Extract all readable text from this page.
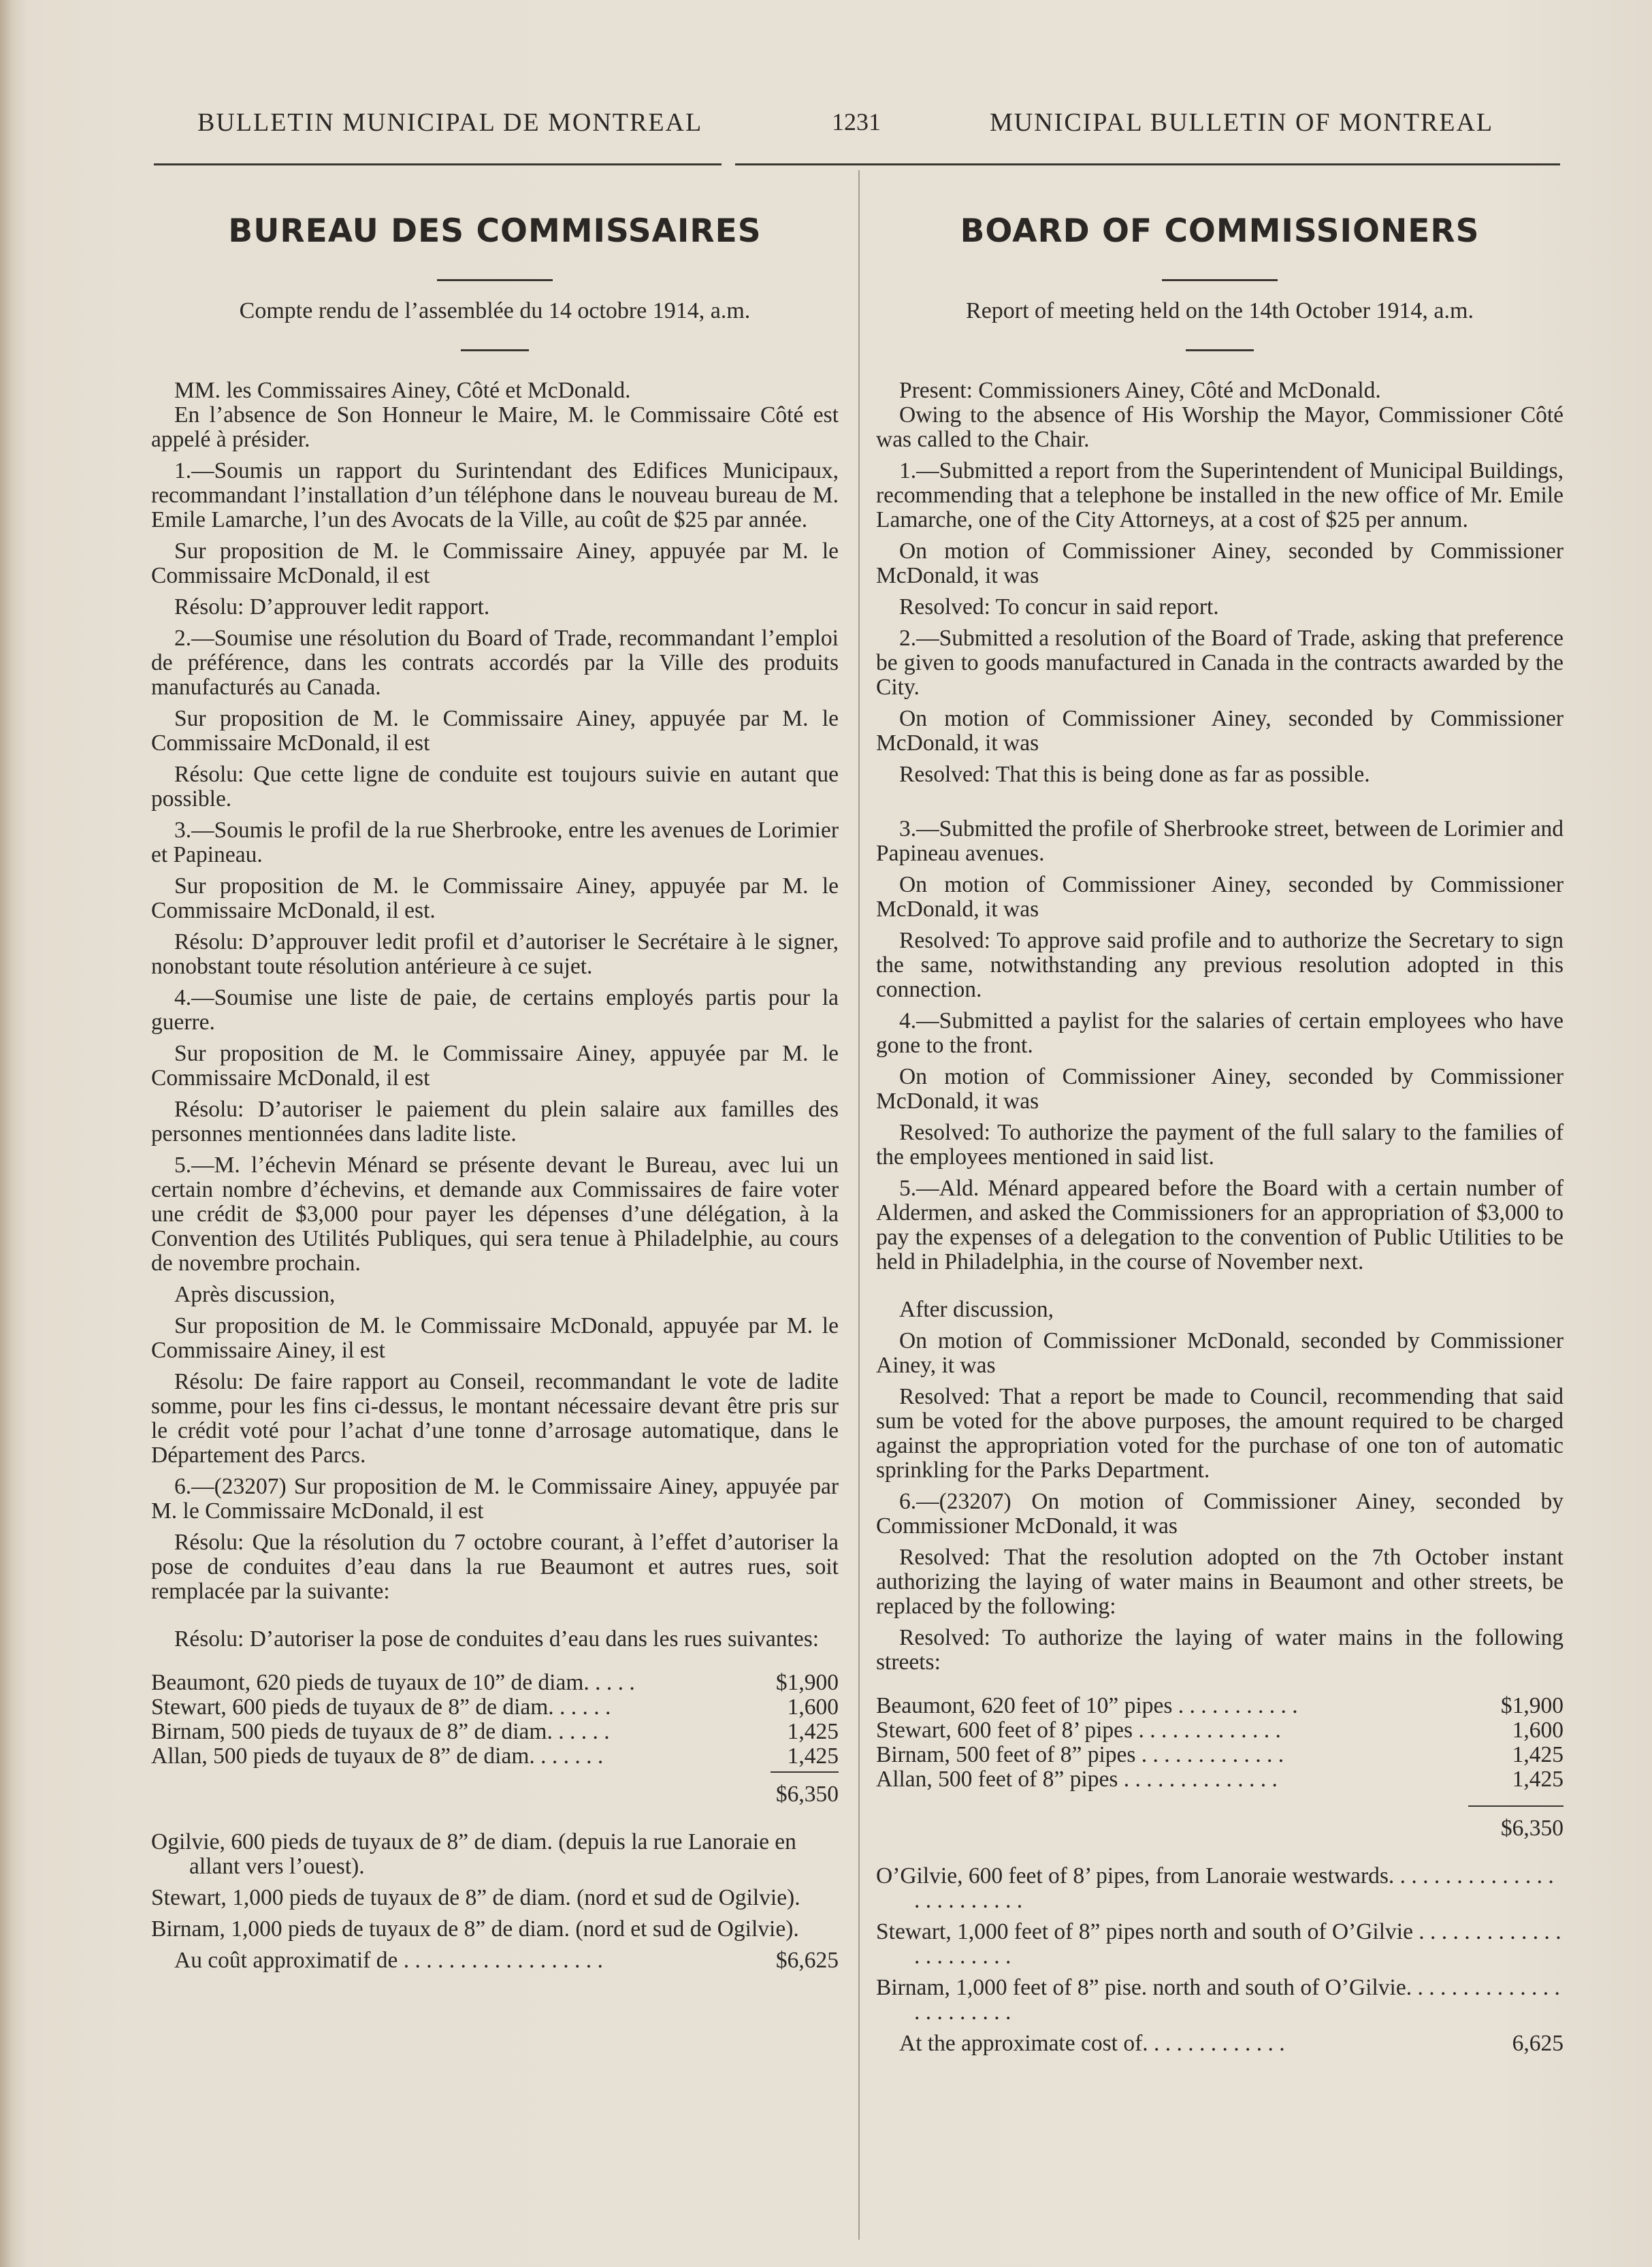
BULLETIN MUNICIPAL DE MONTREAL	1231	MUNICIPAL BULLETIN OF MONTREAL
BUREAU DES COMMISSAIRES
Compte rendu de l’assemblée du 14 octobre 1914, a.m.

MM. les Commissaires Ainey, Côté et McDonald.

En l’absence de Son Honneur le Maire, M. le Commissaire Côté est appelé à présider.

1.—Soumis un rapport du Surintendant des Edifices Municipaux, recommandant l’installation d’un téléphone dans le nouveau bureau de M. Emile Lamarche, l’un des Avocats de la Ville, au coût de $25 par année.

Sur proposition de M. le Commissaire Ainey, appuyée par M. le Commissaire McDonald, il est

Résolu: D’approuver ledit rapport.

2.—Soumise une résolution du Board of Trade, recommandant l’emploi de préférence, dans les contrats accordés par la Ville des produits manufacturés au Canada.

Sur proposition de M. le Commissaire Ainey, appuyée par M. le Commissaire McDonald, il est

Résolu: Que cette ligne de conduite est toujours suivie en autant que possible.

3.—Soumis le profil de la rue Sherbrooke, entre les avenues de Lorimier et Papineau.

Sur proposition de M. le Commissaire Ainey, appuyée par M. le Commissaire McDonald, il est.

Résolu: D’approuver ledit profil et d’autoriser le Secrétaire à le signer, nonobstant toute résolution antérieure à ce sujet.

4.—Soumise une liste de paie, de certains employés partis pour la guerre.

Sur proposition de M. le Commissaire Ainey, appuyée par M. le Commissaire McDonald, il est

Résolu: D’autoriser le paiement du plein salaire aux familles des personnes mentionnées dans ladite liste.

5.—M. l’échevin Ménard se présente devant le Bureau, avec lui un certain nombre d’échevins, et demande aux Commissaires de faire voter une crédit de $3,000 pour payer les dépenses d’une délégation, à la Convention des Utilités Publiques, qui sera tenue à Philadelphie, au cours de novembre prochain.

Après discussion,

Sur proposition de M. le Commissaire McDonald, appuyée par M. le Commissaire Ainey, il est

Résolu: De faire rapport au Conseil, recommandant le vote de ladite somme, pour les fins ci-dessus, le montant nécessaire devant être pris sur le crédit voté pour l’achat d’une tonne d’arrosage automatique, dans le Département des Parcs.

6.—(23207) Sur proposition de M. le Commissaire Ainey, appuyée par M. le Commissaire McDonald, il est

Résolu: Que la résolution du 7 octobre courant, à l’effet d’autoriser la pose de conduites d’eau dans la rue Beaumont et autres rues, soit remplacée par la suivante:

Résolu: D’autoriser la pose de conduites d’eau dans les rues suivantes:

Beaumont, 620 pieds de tuyaux de 10” de diam. . . . .	$1,900
Stewart, 600 pieds de tuyaux de 8” de diam. . . . . .	1,600
Birnam, 500 pieds de tuyaux de 8” de diam. . . . . .	1,425
Allan, 500 pieds de tuyaux de 8” de diam. . . . . . .	1,425
$6,350

Ogilvie, 600 pieds de tuyaux de 8” de diam. (depuis la rue Lanoraie en allant vers l’ouest).

Stewart, 1,000 pieds de tuyaux de 8” de diam. (nord et sud de Ogilvie).

Birnam, 1,000 pieds de tuyaux de 8” de diam. (nord et sud de Ogilvie).

Au coût approximatif de . . . . . . . . . . . . . . . . . .	$6,625
BOARD OF COMMISSIONERS
Report of meeting held on the 14th October 1914, a.m.

Present: Commissioners Ainey, Côté and McDonald.

Owing to the absence of His Worship the Mayor, Commissioner Côté was called to the Chair.

1.—Submitted a report from the Superintendent of Municipal Buildings, recommending that a telephone be installed in the new office of Mr. Emile Lamarche, one of the City Attorneys, at a cost of $25 per annum.

On motion of Commissioner Ainey, seconded by Commissioner McDonald, it was

Resolved: To concur in said report.

2.—Submitted a resolution of the Board of Trade, asking that preference be given to goods manufactured in Canada in the contracts awarded by the City.

On motion of Commissioner Ainey, seconded by Commissioner McDonald, it was

Resolved: That this is being done as far as possible.

3.—Submitted the profile of Sherbrooke street, between de Lorimier and Papineau avenues.

On motion of Commissioner Ainey, seconded by Commissioner McDonald, it was

Resolved: To approve said profile and to authorize the Secretary to sign the same, notwithstanding any previous resolution adopted in this connection.

4.—Submitted a paylist for the salaries of certain employees who have gone to the front.

On motion of Commissioner Ainey, seconded by Commissioner McDonald, it was

Resolved: To authorize the payment of the full salary to the families of the employees mentioned in said list.

5.—Ald. Ménard appeared before the Board with a certain number of Aldermen, and asked the Commissioners for an appropriation of $3,000 to pay the expenses of a delegation to the convention of Public Utilities to be held in Philadelphia, in the course of November next.

After discussion,

On motion of Commissioner McDonald, seconded by Commissioner Ainey, it was

Resolved: That a report be made to Council, recommending that said sum be voted for the above purposes, the amount required to be charged against the appropriation voted for the purchase of one ton of automatic sprinkling for the Parks Department.

6.—(23207) On motion of Commissioner Ainey, seconded by Commissioner McDonald, it was

Resolved: That the resolution adopted on the 7th October instant authorizing the laying of water mains in Beaumont and other streets, be replaced by the following:

Resolved: To authorize the laying of water mains in the following streets:

Beaumont, 620 feet of 10” pipes . . . . . . . . . . .	$1,900
Stewart, 600 feet of 8’ pipes . . . . . . . . . . . . .	1,600
Birnam, 500 feet of 8” pipes . . . . . . . . . . . . .	1,425
Allan, 500 feet of 8” pipes . . . . . . . . . . . . . .	1,425
$6,350

O’Gilvie, 600 feet of 8’ pipes, from Lanoraie westwards. . . . . . . . . . . . . . . . . . . . . . . . .

Stewart, 1,000 feet of 8” pipes north and south of O’Gilvie . . . . . . . . . . . . . . . . . . . . . .

Birnam, 1,000 feet of 8” pise. north and south of O’Gilvie. . . . . . . . . . . . . . . . . . . . . . .

At the approximate cost of. . . . . . . . . . . . .	6,625
